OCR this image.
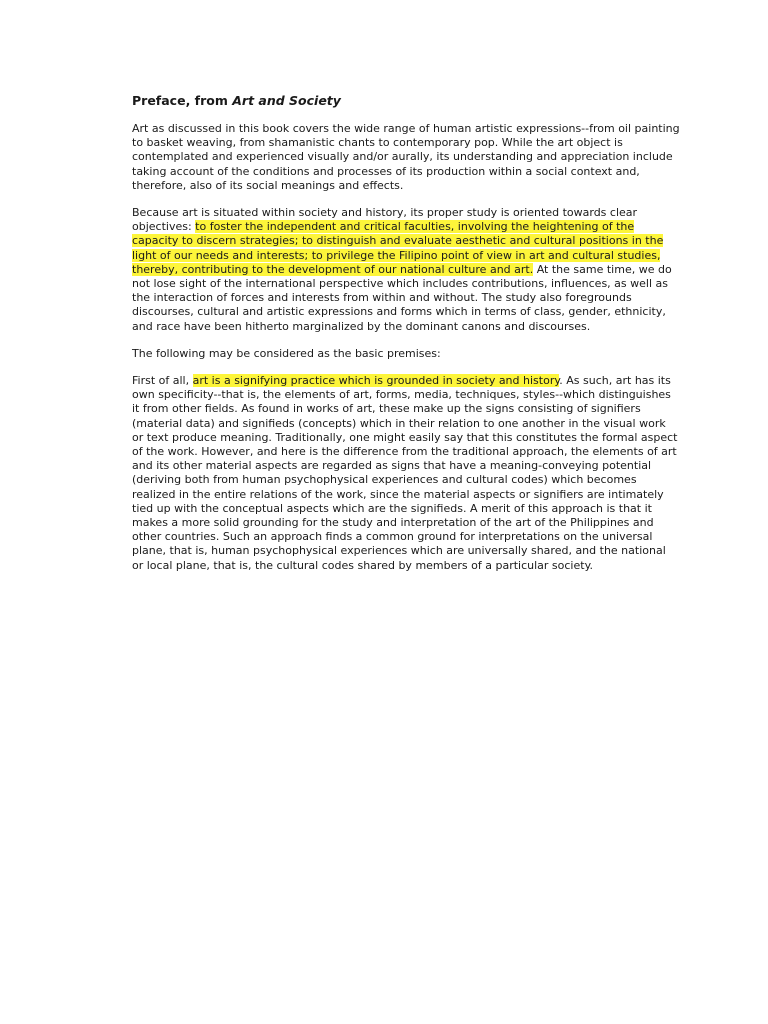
Preface, from Art and Society

Art as discussed in this book covers the wide range of human artistic expressions--from oil painting to basket weaving, from shamanistic chants to contemporary pop. While the art object is contemplated and experienced visually and/or aurally, its understanding and appreciation include taking account of the conditions and processes of its production within a social context and, therefore, also of its social meanings and effects.

Because art is situated within society and history, its proper study is oriented towards clear objectives: to foster the independent and critical faculties, involving the heightening of the capacity to discern strategies; to distinguish and evaluate aesthetic and cultural positions in the light of our needs and interests; to privilege the Filipino point of view in art and cultural studies, thereby, contributing to the development of our national culture and art. At the same time, we do not lose sight of the international perspective which includes contributions, influences, as well as the interaction of forces and interests from within and without. The study also foregrounds discourses, cultural and artistic expressions and forms which in terms of class, gender, ethnicity, and race have been hitherto marginalized by the dominant canons and discourses.

The following may be considered as the basic premises:

First of all, art is a signifying practice which is grounded in society and history. As such, art has its own specificity--that is, the elements of art, forms, media, techniques, styles--which distinguishes it from other fields. As found in works of art, these make up the signs consisting of signifiers (material data) and signifieds (concepts) which in their relation to one another in the visual work or text produce meaning. Traditionally, one might easily say that this constitutes the formal aspect of the work. However, and here is the difference from the traditional approach, the elements of art and its other material aspects are regarded as signs that have a meaning-conveying potential (deriving both from human psychophysical experiences and cultural codes) which becomes realized in the entire relations of the work, since the material aspects or signifiers are intimately tied up with the conceptual aspects which are the signifieds. A merit of this approach is that it makes a more solid grounding for the study and interpretation of the art of the Philippines and other countries. Such an approach finds a common ground for interpretations on the universal plane, that is, human psychophysical experiences which are universally shared, and the national or local plane, that is, the cultural codes shared by members of a particular society.
